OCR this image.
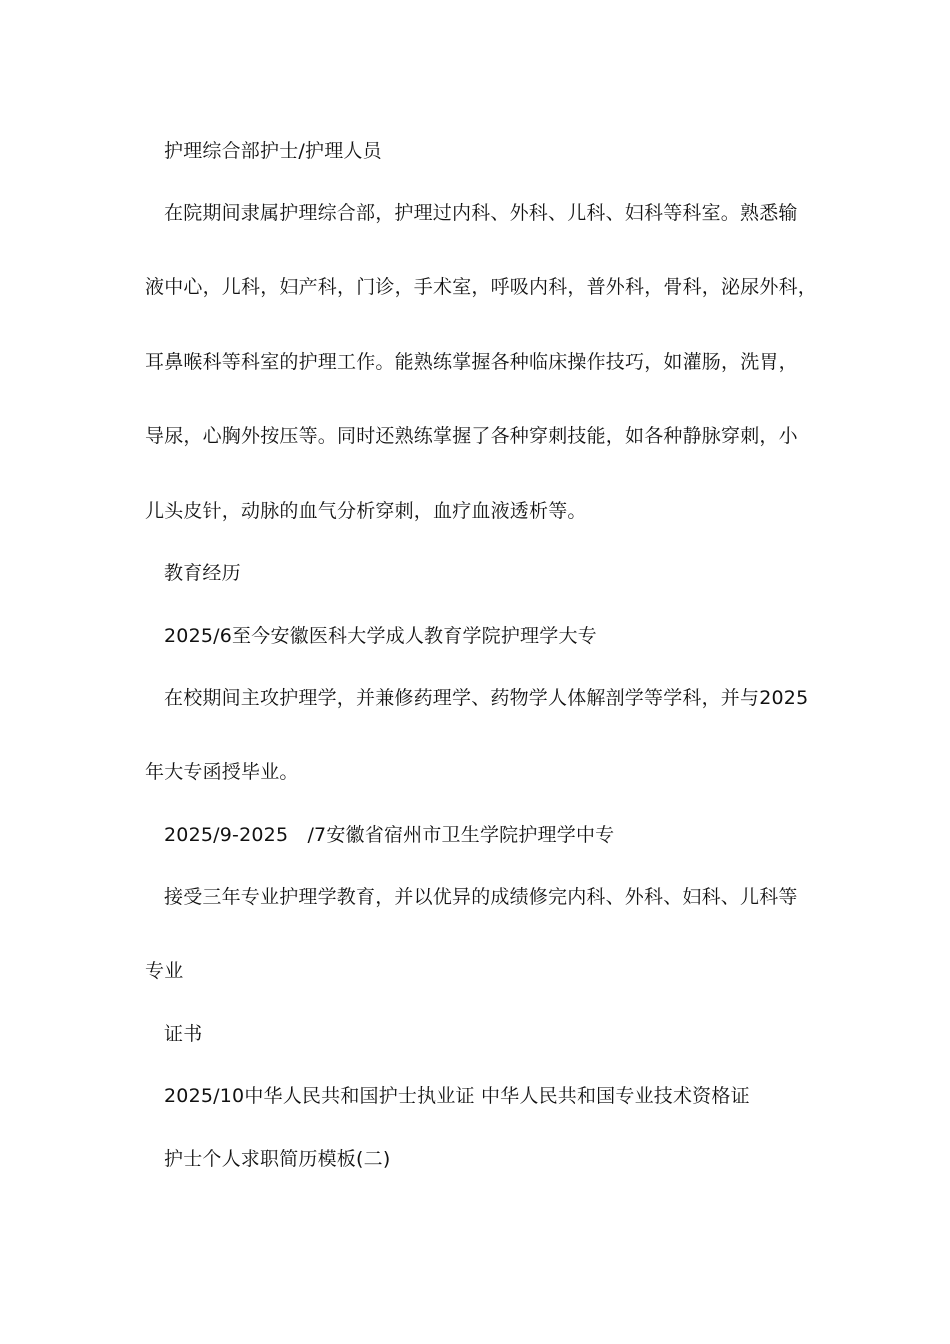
护理综合部护士/护理人员
在院期间隶属护理综合部，护理过内科、外科、儿科、妇科等科室。熟悉输
液中心，儿科，妇产科，门诊，手术室，呼吸内科，普外科，骨科，泌尿外科，
耳鼻喉科等科室的护理工作。能熟练掌握各种临床操作技巧，如灌肠，洗胃，
导尿，心胸外按压等。同时还熟练掌握了各种穿刺技能，如各种静脉穿刺，小
儿头皮针，动脉的血气分析穿刺，血疗血液透析等。
教育经历
2025/6至今安徽医科大学成人教育学院护理学大专
在校期间主攻护理学，并兼修药理学、药物学人体解剖学等学科，并与2025
年大专函授毕业。
2025/9-2025　/7安徽省宿州市卫生学院护理学中专
接受三年专业护理学教育，并以优异的成绩修完内科、外科、妇科、儿科等
专业
证书
2025/10中华人民共和国护士执业证 中华人民共和国专业技术资格证
护士个人求职简历模板(二)
